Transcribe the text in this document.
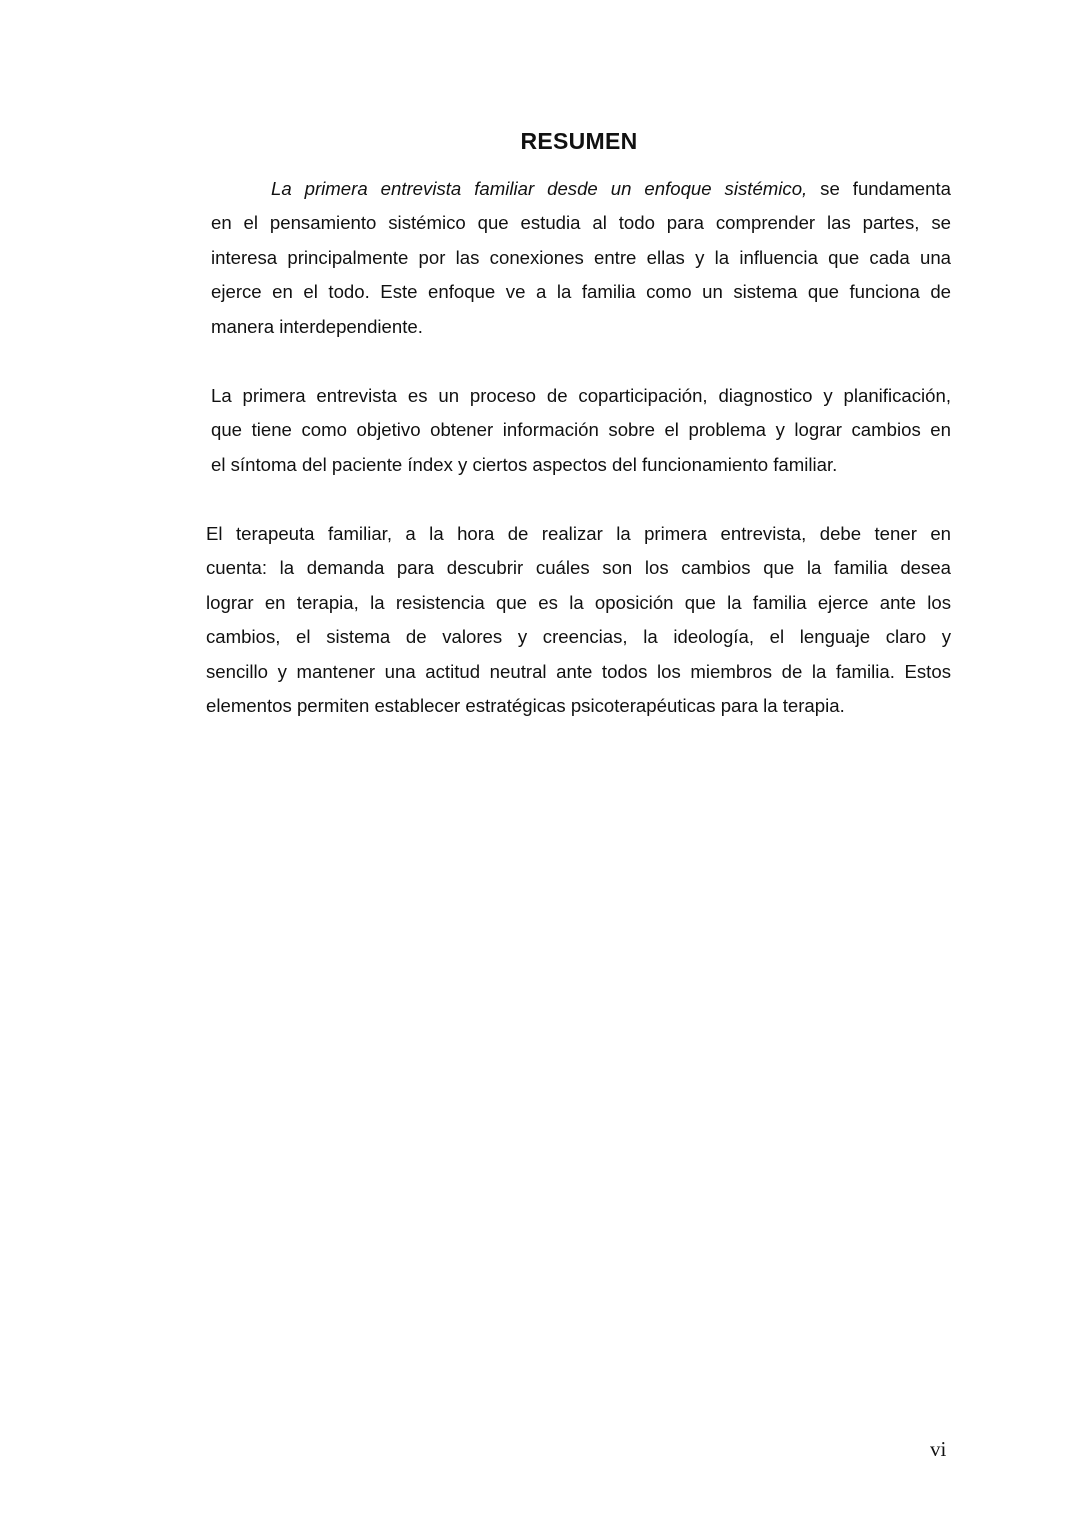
RESUMEN
La primera entrevista familiar desde un enfoque sistémico, se fundamenta
en el pensamiento sistémico que estudia al todo para comprender las partes, se
interesa principalmente por las conexiones entre ellas y la influencia que cada una
ejerce en el todo. Este enfoque ve a la familia como un sistema que funciona de
manera interdependiente.
La primera entrevista es un proceso de coparticipación, diagnostico y planificación,
que tiene como objetivo obtener información sobre el problema y lograr cambios en
el síntoma del paciente índex y ciertos aspectos del funcionamiento familiar.
El terapeuta familiar, a la hora de realizar la primera entrevista, debe tener en
cuenta: la demanda para descubrir cuáles son los cambios que la familia desea
lograr en terapia, la resistencia que es la oposición que la familia ejerce ante los
cambios, el sistema de valores y creencias, la ideología, el lenguaje claro y
sencillo y mantener una actitud neutral ante todos los miembros de la familia. Estos
elementos permiten establecer estratégicas psicoterapéuticas para la terapia.

vi
